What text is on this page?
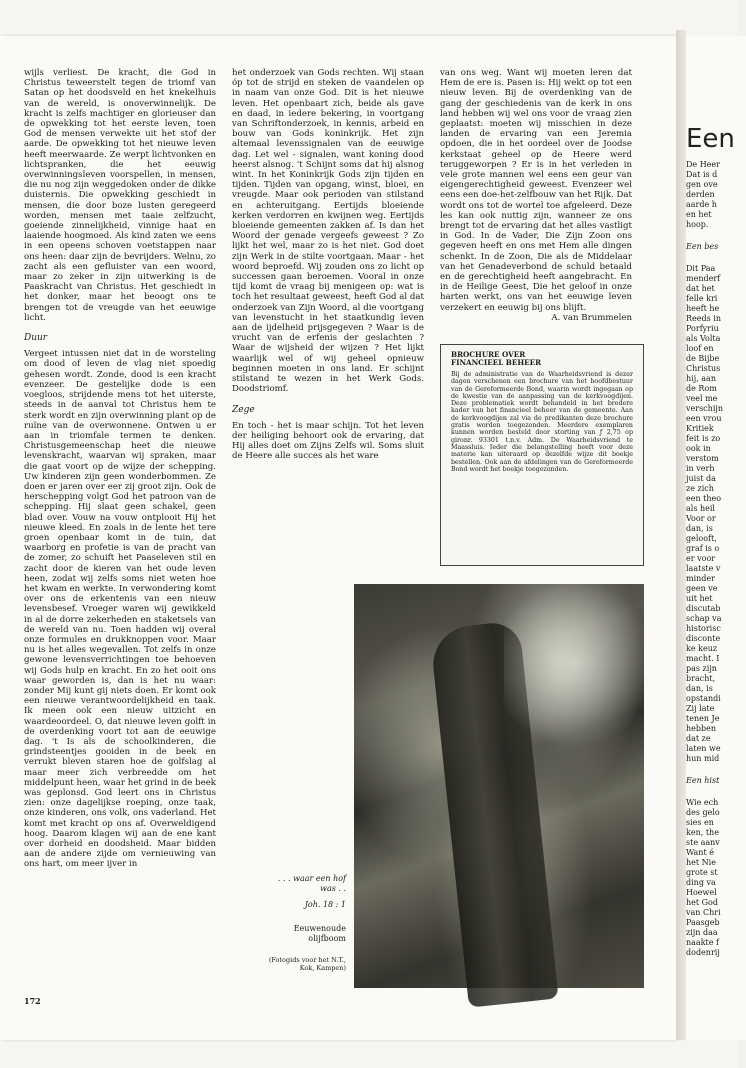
wijls verliest. De kracht, die God in Christus teweerstelt tegen de triomf van Satan op het doodsveld en het knekelhuis van de wereld, is onoverwinnelijk. De kracht is zelfs machtiger en glorieuser dan de opwekking tot het eerste leven, toen God de mensen verwekte uit het stof der aarde. De opwekking tot het nieuwe leven heeft meerwaarde. Ze werpt lichtvonken en lichtspranken, die het eeuwig overwinningsleven voorspellen, in mensen, die nu nog zijn weggedoken onder de dikke duisternis. Die opwekking geschiedt in mensen, die door boze lusten geregeerd worden, mensen met taaie zelfzucht, goeiende zinnelijkheid, vinnige haat en laaiende hoogmoed. Als kind zaten we eens in een opeens schoven voetstappen naar ons heen: daar zijn de bevrijders. Welnu, zo zacht als een gefluister van een woord, maar zo zeker in zijn uitwerking is de Paaskracht van Christus. Het geschiedt in het donker, maar het beoogt ons te brengen tot de vreugde van het eeuwige licht.

Duur

Vergeet intussen niet dat in de worsteling om dood of leven de vlag niet spoedig gehesen wordt. Zonde, dood is een kracht evenzeer. De gestelijke dode is een voegloos, strijdende mens tot het uiterste, steeds in de aanval tot Christus hem te sterk wordt en zijn overwinning plant op de ruïne van de overwonnene. Ontwen u er aan in triomfale termen te denken. Christusgemeenschap heet die nieuwe levenskracht, waarvan wij spraken, maar die gaat voort op de wijze der schepping. Uw kinderen zijn geen wonderbommen. Ze doen er jaren over eer zij groot zijn. Ook de herschepping volgt God het patroon van de schepping. Hij slaat geen schakel, geen blad over. Vouw na vouw ontplooit Hij het nieuwe kleed. En zoals in de lente het tere groen openbaar komt in de tuin, dat waarborg en profetie is van de pracht van de zomer, zo schuift het Paaseleven stil en zacht door de kieren van het oude leven heen, zodat wij zelfs soms niet weten hoe het kwam en werkte. In verwondering komt over ons de erkentenis van een nieuw levensbesef. Vroeger waren wij gewikkeld in al de dorre zekerheden en staketsels van de wereld van nu. Toen hadden wij overal onze formules en drukknoppen voor. Maar nu is het alles wegevallen. Tot zelfs in onze gewone levensverrichtingen toe behoeven wij Gods hulp en kracht. En zo het ooit ons waar geworden is, dan is het nu waar: zonder Mij kunt gij niets doen. Er komt ook een nieuwe verantwoordelijkheid en taak. Ik meen ook een nieuw uitzicht en waardeoordeel. O, dat nieuwe leven golft in de overdenking voort tot aan de eeuwige dag. 't Is als de schoolkinderen, die grindsteentjes gooiden in de beek en verrukt bleven staren hoe de golfslag al maar meer zich verbreedde om het middelpunt heen, waar het grind in de beek was geplonsd. God leert ons in Christus zien: onze dagelijkse roeping, onze taak, onze kinderen, ons volk, ons vaderland. Het komt met kracht op ons af. Overweldigend hoog. Daarom klagen wij aan de ene kant over dorheid en doodsheid. Maar bidden aan de andere zijde om vernieuwing van ons hart, om meer ijver in

het onderzoek van Gods rechten. Wij staan óp tot de strijd en steken de vaandelen op in naam van onze God. Dit is het nieuwe leven. Het openbaart zich, beide als gave en daad, in iedere bekering, in voortgang van Schriftonderzoek, in kennis, arbeid en bouw van Gods koninkrijk. Het zijn altemaal levenssignalen van de eeuwige dag. Let wel - signalen, want koning dood heerst alsnog. 't Schijnt soms dat hij alsnog wint. In het Koninkrijk Gods zijn tijden en tijden. Tijden van opgang, winst, bloei, en vreugde. Maar ook perioden van stilstand en achteruitgang. Eertijds bloeiende kerken verdorren en kwijnen weg. Eertijds bloeiende gemeenten zakken af. Is dan het Woord der genade vergeefs geweest ? Zo lijkt het wel, maar zo is het niet. God doet zijn Werk in de stilte voortgaan. Maar - het woord beproefd. Wij zouden ons zo licht op successen gaan beroemen. Vooral in onze tijd komt de vraag bij menigeen op: wat is toch het resultaat geweest, heeft God al dat onderzoek van Zijn Woord, al die voortgang van levenstucht in het staatkundig leven aan de ijdelheid prijsgegeven ? Waar is de vrucht van de erfenis der geslachten ? Waar de wijsheid der wijzen ? Het lijkt waarlijk wel of wij geheel opnieuw beginnen moeten in ons land. Er schijnt stilstand te wezen in het Werk Gods. Doodstriomf.

Zege

En toch - het is maar schijn. Tot het leven der heiliging behoort ook de ervaring, dat Hij alles doet om Zijns Zelfs wil. Soms sluit de Heere alle succes als het ware

van ons weg. Want wij moeten leren dat Hem de ere is. Pasen is: Hij wekt op tot een nieuw leven. Bij de overdenking van de gang der geschiedenis van de kerk in ons land hebben wij wel ons voor de vraag zien geplaatst: moeten wij misschien in deze landen de ervaring van een Jeremia opdoen, die in het oordeel over de Joodse kerkstaat geheel op de Heere werd teruggeworpen ? Er is in het verleden in vele grote mannen wel eens een geur van eigengerechtigheid geweest. Evenzeer wel eens een doe-het-zelfbouw van het Rijk. Dat wordt ons tot de wortel toe afgeleerd. Deze les kan ook nuttig zijn, wanneer ze ons brengt tot de ervaring dat het alles vastligt in God. In de Vader, Die Zijn Zoon ons gegeven heeft en ons met Hem alle dingen schenkt. In de Zoon, Die als de Middelaar van het Genadeverbond de schuld betaald en de gerechtigheid heeft aangebracht. En in de Heilige Geest, Die het geloof in onze harten werkt, ons van het eeuwige leven verzekert en eeuwig bij ons blijft.

A. van Brummelen

BROCHURE OVER
FINANCIEEL BEHEER
Bij de administratie van de Waarheidsvriend is dezer dagen verschenen een brochure van het hoofdbestuur van de Gereformeerde Bond, waarin wordt ingegaan op de kwestie van de aanpassing van de kerkvoogdijen. Deze problematiek wordt behandeld in het bredere kader van het financieel beheer van de gemeente. Aan de kerkvoogdijen zal via de predikanten deze brochure gratis worden toegezonden. Meerdere exemplaren kunnen worden besteld door storting van ƒ 2,75 op gironr. 93301 t.n.v. Adm. De Waarheidsvriend te Maassluis. Ieder die belangstelling heeft voor deze materie kan uiteraard op dezelfde wijze dit boekje bestellen. Ook aan de afdelingen van de Gereformeerde Bond wordt het boekje toegezonden.
. . . waar een hof
was . .
Joh. 18 : 1
Eeuwenoude
olijfboom
(Fotogids voor het N.T., Kok, Kampen)
172
Een
De Heer
Dat is d
gen ove
derden
aarde h
en het
hoop.
Een bes
Dit Paa
menderf
dat het
felle kri
heeft he
Reeds in
Porfyriu
als Volta
loof en
de Bijbe
Christus
hij, aan
de Rom
veel me
verschijn
een vrou
Kritiek
feit is zo
ook in
verstom
in verh
juist da
ze zich
een theo
als heil
Voor or
dan, is
gelooft,
graf is o
er voor
laatste v
minder
geen ve
uit het
discutab
schap va
historisc
disconte
ke keuz
macht. I
pas zijn
bracht,
dan, is
opstandi
Zij late
tenen Je
hebben
dat ze
laten we
hun mid
Een hist
Wie ech
des gelo
sies en
ken, the
ste aanv
Want é
het Nie
grote st
ding va
Hoewel
het God
van Chri
Paasgeb
zijn daa
naakte f
dodenrij
